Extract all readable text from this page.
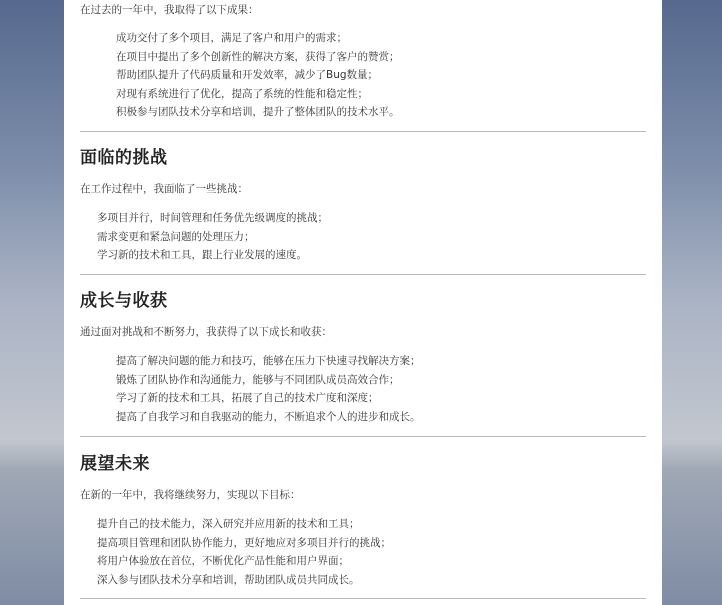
在过去的一年中，我取得了以下成果：

成功交付了多个项目，满足了客户和用户的需求；
在项目中提出了多个创新性的解决方案，获得了客户的赞赏；
帮助团队提升了代码质量和开发效率，减少了Bug数量；
对现有系统进行了优化，提高了系统的性能和稳定性；
积极参与团队技术分享和培训，提升了整体团队的技术水平。
面临的挑战

在工作过程中，我面临了一些挑战：

多项目并行，时间管理和任务优先级调度的挑战；
需求变更和紧急问题的处理压力；
学习新的技术和工具，跟上行业发展的速度。
成长与收获

通过面对挑战和不断努力，我获得了以下成长和收获：

提高了解决问题的能力和技巧，能够在压力下快速寻找解决方案；
锻炼了团队协作和沟通能力，能够与不同团队成员高效合作；
学习了新的技术和工具，拓展了自己的技术广度和深度；
提高了自我学习和自我驱动的能力，不断追求个人的进步和成长。
展望未来

在新的一年中，我将继续努力，实现以下目标：

提升自己的技术能力，深入研究并应用新的技术和工具；
提高项目管理和团队协作能力，更好地应对多项目并行的挑战；
将用户体验放在首位，不断优化产品性能和用户界面；
深入参与团队技术分享和培训，帮助团队成员共同成长。
